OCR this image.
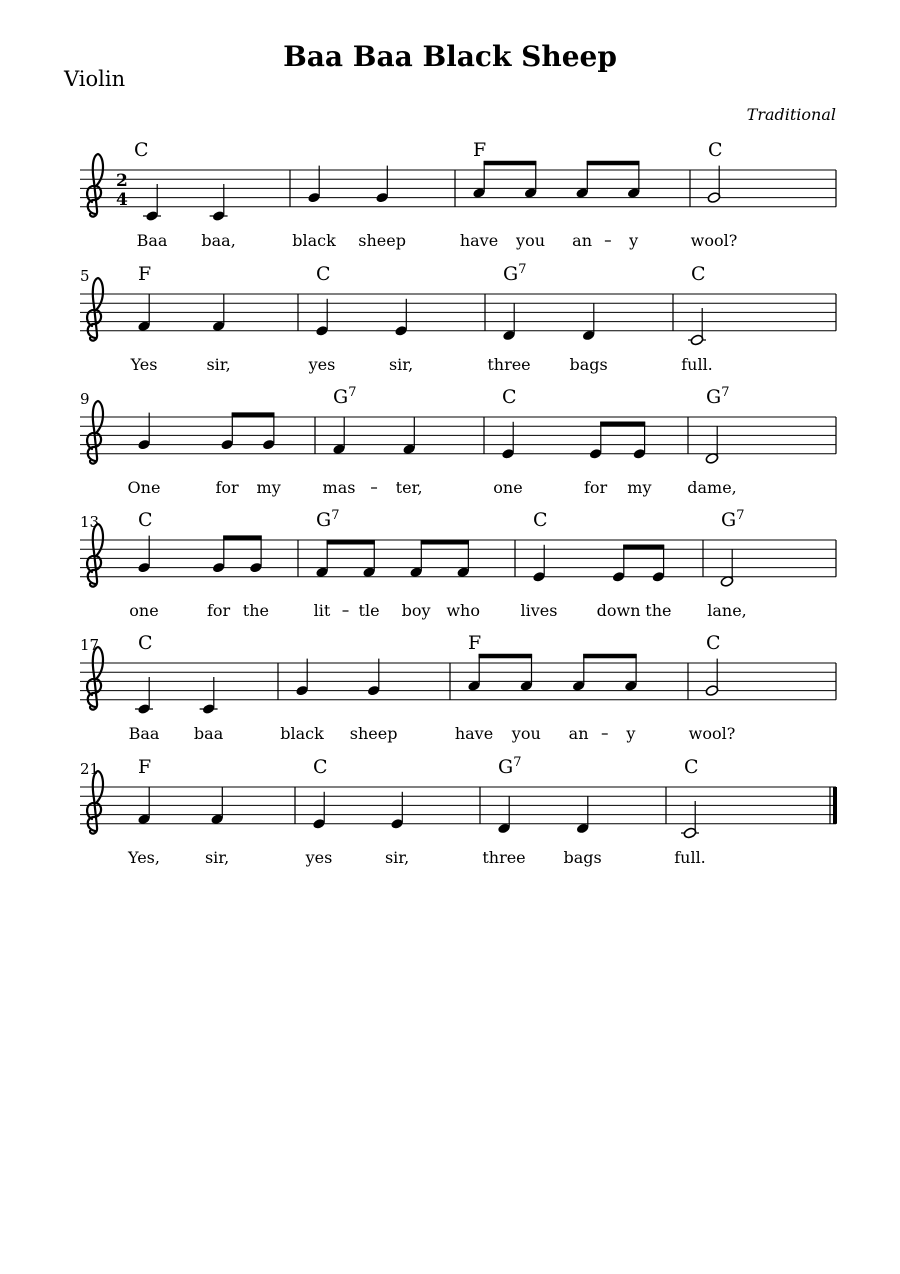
Baa Baa Black Sheep
Violin
Traditional
2
4
C
Baa baa,	black sheep
F
have you an y
C
wool?
5	F
Yes	sir,
C
yes	sir,
$G^7$
three bags
C
full.
9
One	for my
$G^7$
mas	ter,
C
one	for my
$G^7$
dame,
13 C
one	for the
$G^7$
lit tle boy who
C
lives down the
$G^7$
lane,
17 C
Baa baa	black sheep
F
have you an y
C
wool?
21 F
Yes,	sir,
C
yes	sir,
$G^7$
three bags
C
full.
